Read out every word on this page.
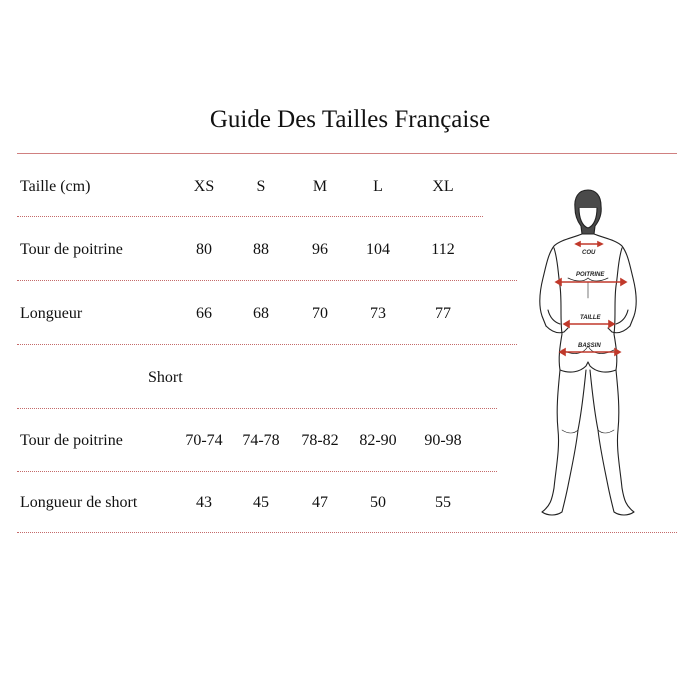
Guide Des Tailles Française
Taille (cm)	XS	S	M	L	XL
Tour de poitrine	80	88	96	104	112
Longueur	66	68	70	73	77
Short
Tour de poitrine	70-74	74-78	78-82	82-90	90-98
Longueur de short	43	45	47	50	55
COU
POITRINE
TAILLE
BASSIN
